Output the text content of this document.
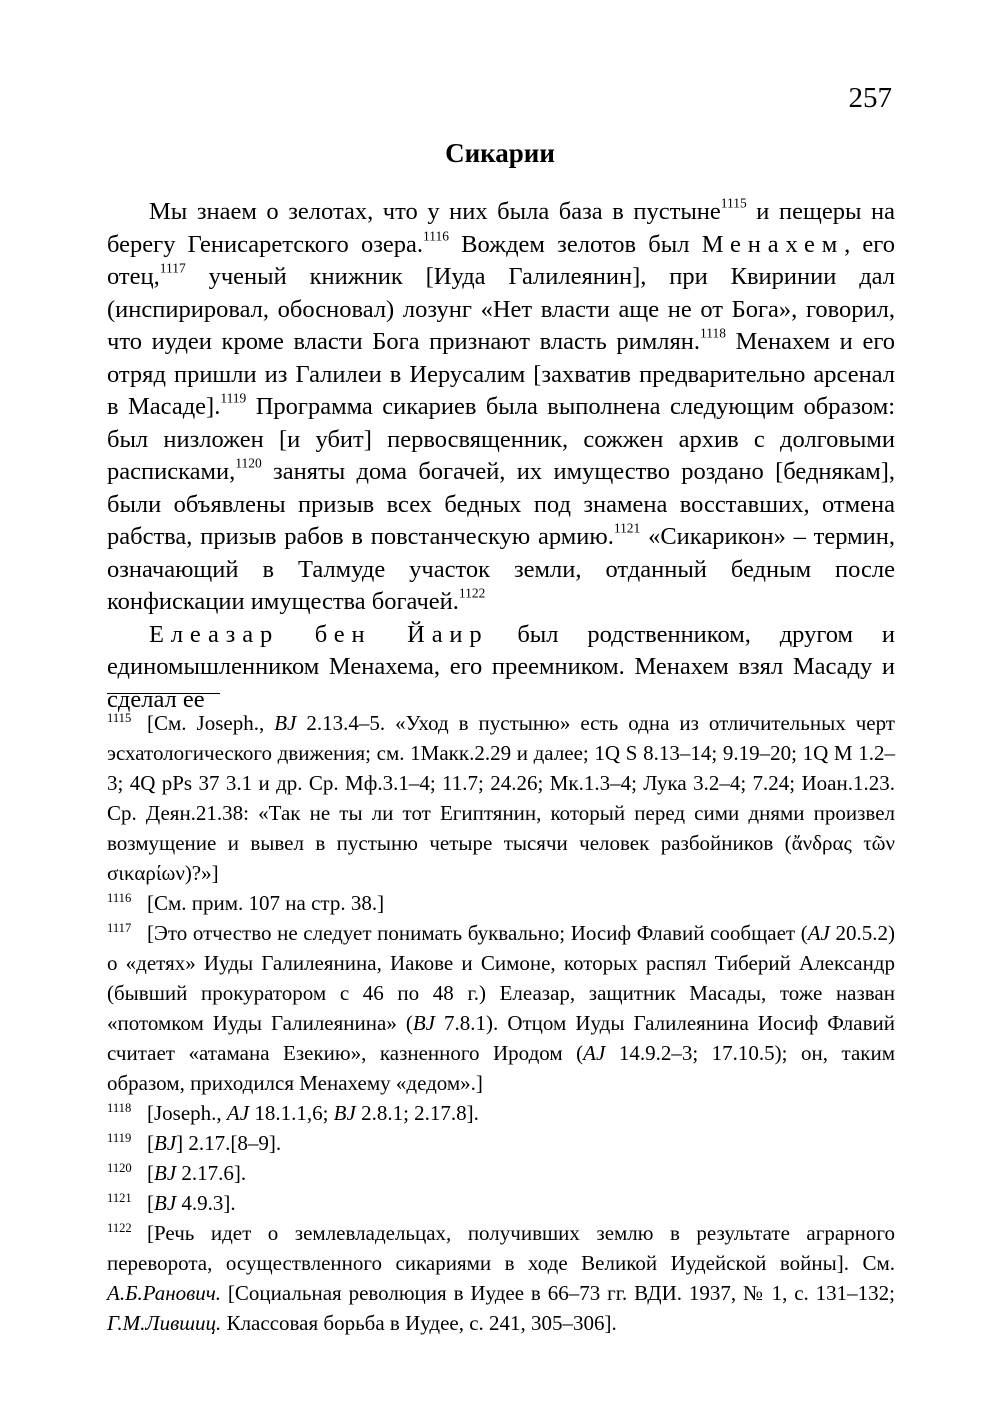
257
Сикарии

Мы знаем о зелотах, что у них была база в пустыне$^{1115}$ и пещеры на берегу Генисаретского озера.$^{1116}$ Вождем зелотов был Менахем, его отец,$^{1117}$ ученый книжник [Иуда Галилеянин], при Квиринии дал (инспирировал, обосновал) лозунг «Нет власти аще не от Бога», говорил, что иудеи кроме власти Бога признают власть римлян.$^{1118}$ Менахем и его отряд пришли из Галилеи в Иерусалим [захватив предварительно арсенал в Масаде].$^{1119}$ Программа сикариев была выполнена следующим образом: был низложен [и убит] первосвященник, сожжен архив с долговыми расписками,$^{1120}$ заняты дома богачей, их имущество роздано [беднякам], были объявлены призыв всех бедных под знамена восставших, отмена рабства, призыв рабов в повстанческую армию.$^{1121}$ «Сикарикон» – термин, означающий в Талмуде участок земли, отданный бедным после конфискации имущества богачей.$^{1122}$

Елеазар бен Йаир был родственником, другом и единомышленником Менахема, его преемником. Менахем взял Масаду и сделал ее

1115 [См. Joseph., BJ 2.13.4–5. «Уход в пустыню» есть одна из отличительных черт эсхатологического движения; см. 1Макк.2.29 и далее; 1Q S 8.13–14; 9.19–20; 1Q M 1.2–3; 4Q pPs 37 3.1 и др. Ср. Мф.3.1–4; 11.7; 24.26; Мк.1.3–4; Лука 3.2–4; 7.24; Иоан.1.23. Ср. Деян.21.38: «Так не ты ли тот Египтянин, который перед сими днями произвел возмущение и вывел в пустыню четыре тысячи человек разбойников (ἄνδρας τῶν σικαρίων)?»]
1116 [См. прим. 107 на стр. 38.]
1117 [Это отчество не следует понимать буквально; Иосиф Флавий сообщает (AJ 20.5.2) о «детях» Иуды Галилеянина, Иакове и Симоне, которых распял Тиберий Александр (бывший прокуратором с 46 по 48 г.) Елеазар, защитник Масады, тоже назван «потомком Иуды Галилеянина» (BJ 7.8.1). Отцом Иуды Галилеянина Иосиф Флавий считает «атамана Езекию», казненного Иродом (AJ 14.9.2–3; 17.10.5); он, таким образом, приходился Менахему «дедом».]
1118 [Joseph., AJ 18.1.1,6; BJ 2.8.1; 2.17.8].
1119 [BJ] 2.17.[8–9].
1120 [BJ 2.17.6].
1121 [BJ 4.9.3].
1122 [Речь идет о землевладельцах, получивших землю в результате аграрного переворота, осуществленного сикариями в ходе Великой Иудейской войны]. См. А.Б.Ранович. [Социальная революция в Иудее в 66–73 гг. ВДИ. 1937, № 1, с. 131–132; Г.М.Лившиц. Классовая борьба в Иудее, с. 241, 305–306].
